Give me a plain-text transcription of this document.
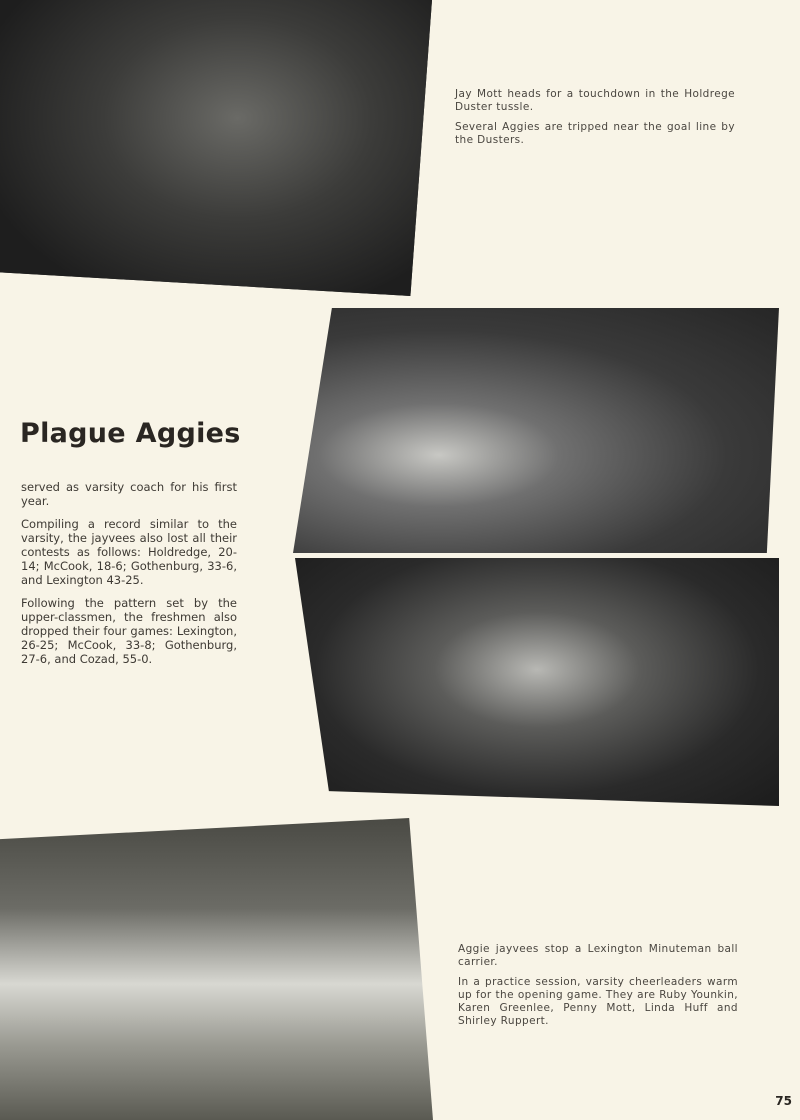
Jay Mott heads for a touchdown in the Holdrege Duster tussle.

Several Aggies are tripped near the goal line by the Dusters.

Plague Aggies

served as varsity coach for his first year.

Compiling a record similar to the varsity, the jayvees also lost all their contests as follows: Holdredge, 20-14; McCook, 18-6; Gothenburg, 33-6, and Lexington 43-25.

Following the pattern set by the upper-classmen, the freshmen also dropped their four games: Lexington, 26-25; McCook, 33-8; Gothenburg, 27-6, and Cozad, 55-0.

Aggie jayvees stop a Lexington Minuteman ball carrier.

In a practice session, varsity cheerleaders warm up for the opening game. They are Ruby Younkin, Karen Greenlee, Penny Mott, Linda Huff and Shirley Ruppert.

75
